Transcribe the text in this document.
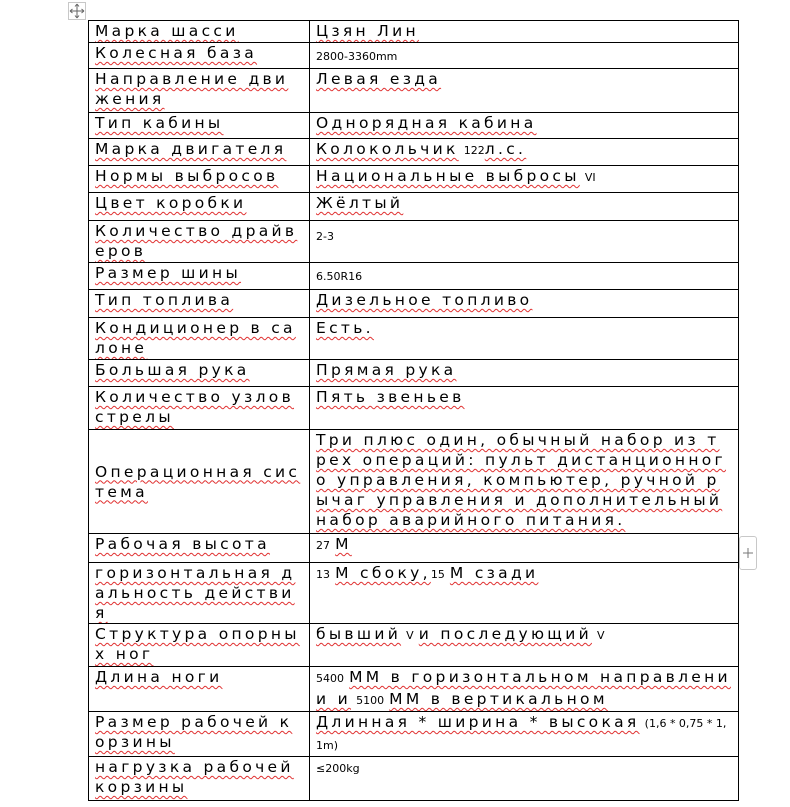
Марка шасси	Цзян Лин
Колесная база	2800-3360mm
Направление движения	Левая езда
Тип кабины	Однорядная кабина
Марка двигателя	Колокольчик 122л.с.
Нормы выбросов	Национальные выбросы VI
Цвет коробки	Жёлтый
Количество драйверов	2-3
Размер шины	6.50R16
Тип топлива	Дизельное топливо
Кондиционер в салоне	Есть.
Большая рука	Прямая рука
Количество узлов стрелы	Пять звеньев
Операционная система	Три плюс один, обычный набор из трех операций: пульт дистанционного управления, компьютер, ручной рычаг управления и дополнительный набор аварийного питания.
Рабочая высота	27 М
горизонтальная дальность действия	13 М сбоку,15 М сзади
Структура опорных ног	бывший V и последующий V
Длина ноги	5400 ММ в горизонтальном направлении и 5100 ММ в вертикальном
Размер рабочей корзины	Длинная * ширина * высокая (1,6 * 0,75 * 1,1m)
нагрузка рабочей корзины	≤200kg
